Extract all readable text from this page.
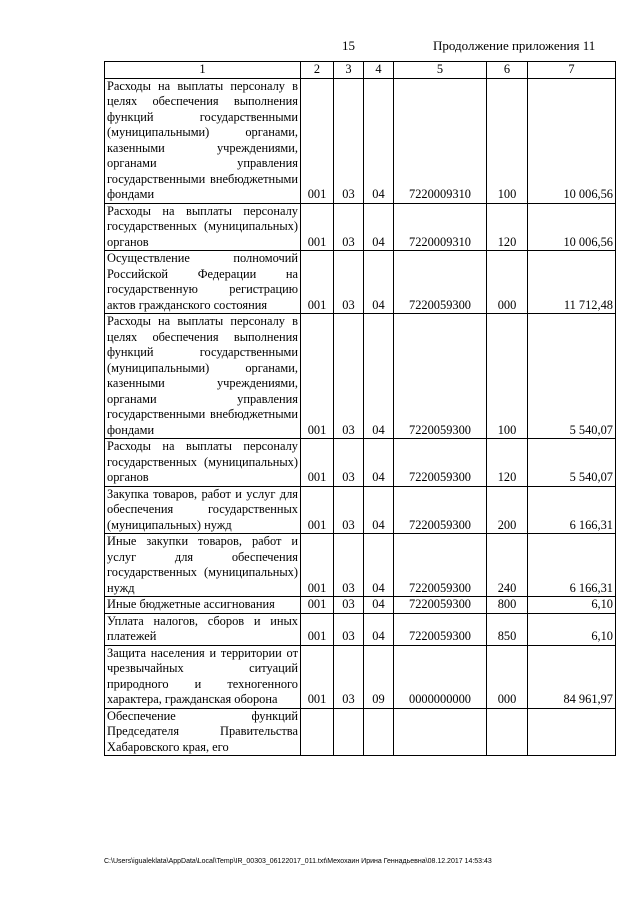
15	Продолжение приложения 11
1	2	3	4	5	6	7
Расходы на выплаты персоналу в целях обеспечения выполнения функций государственными (муниципальными) органами, казенными учреждениями, органами управления государственными внебюджетными фондами	001	03	04	7220009310	100	10 006,56
Расходы на выплаты персоналу государственных (муниципальных) органов	001	03	04	7220009310	120	10 006,56
Осуществление полномочий Российской Федерации на государственную регистрацию актов гражданского состояния	001	03	04	7220059300	000	11 712,48
Расходы на выплаты персоналу в целях обеспечения выполнения функций государственными (муниципальными) органами, казенными учреждениями, органами управления государственными внебюджетными фондами	001	03	04	7220059300	100	5 540,07
Расходы на выплаты персоналу государственных (муниципальных) органов	001	03	04	7220059300	120	5 540,07
Закупка товаров, работ и услуг для обеспечения государственных (муниципальных) нужд	001	03	04	7220059300	200	6 166,31
Иные закупки товаров, работ и услуг для обеспечения государственных (муниципальных) нужд	001	03	04	7220059300	240	6 166,31
Иные бюджетные ассигнования	001	03	04	7220059300	800	6,10
Уплата налогов, сборов и иных платежей	001	03	04	7220059300	850	6,10
Защита населения и территории от чрезвычайных ситуаций природного и техногенного характера, гражданская оборона	001	03	09	0000000000	000	84 961,97
Обеспечение функций Председателя Правительства Хабаровского края, его						
C:\Users\igualeklata\AppData\Local\Temp\IR_00303_06122017_011.txt\Мехохаин Ирина Геннадьевна\08.12.2017 14:53:43
